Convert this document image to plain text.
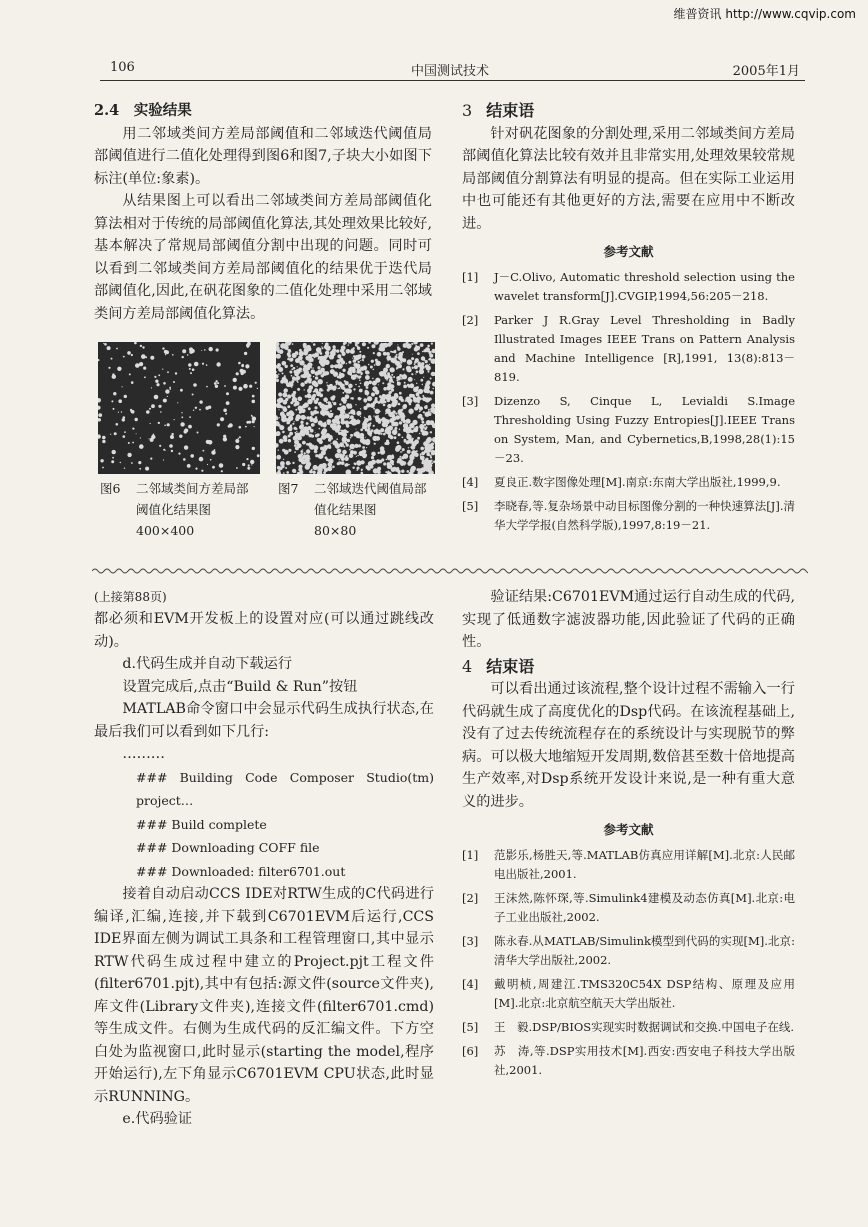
维普资讯 http://www.cqvip.com
106	中国测试技术	2005年1月

2.4　实验结果

用二邻域类间方差局部阈值和二邻域迭代阈值局部阈值进行二值化处理得到图6和图7,子块大小如图下标注(单位:象素)。

从结果图上可以看出二邻域类间方差局部阈值化算法相对于传统的局部阈值化算法,其处理效果比较好,基本解决了常规局部阈值分割中出现的问题。同时可以看到二邻域类间方差局部阈值化的结果优于迭代局部阈值化,因此,在矾花图象的二值化处理中采用二邻域类间方差局部阈值化算法。

图6	二邻域类间方差局部阈值化结果图
400×400
图7	二邻域迭代阈值局部值化结果图
80×80

3 结束语

针对矾花图象的分割处理,采用二邻域类间方差局部阈值化算法比较有效并且非常实用,处理效果较常规局部阈值分割算法有明显的提高。但在实际工业运用中也可能还有其他更好的方法,需要在应用中不断改进。

参考文献
[1]	J－C.Olivo, Automatic threshold selection using the wavelet transform[J].CVGIP,1994,56:205－218.
[2]	Parker J R.Gray Level Thresholding in Badly Illustrated Images IEEE Trans on Pattern Analysis and Machine Intelligence [R],1991, 13(8):813－819.
[3]	Dizenzo S, Cinque L, Levialdi S.Image Thresholding Using Fuzzy Entropies[J].IEEE Trans on System, Man, and Cybernetics,B,1998,28(1):15－23.
[4]	夏良正.数字图像处理[M].南京:东南大学出版社,1999,9.
[5]	李晓春,等.复杂场景中动目标图像分割的一种快速算法[J].清华大学学报(自然科学版),1997,8:19－21.

(上接第88页)

都必须和EVM开发板上的设置对应(可以通过跳线改动)。

d.代码生成并自动下载运行

设置完成后,点击“Build & Run”按钮

MATLAB命令窗口中会显示代码生成执行状态,在最后我们可以看到如下几行:

………

### Building Code Composer Studio(tm) project…

### Build complete

### Downloading COFF file

### Downloaded: filter6701.out

接着自动启动CCS IDE对RTW生成的C代码进行编译,汇编,连接,并下载到C6701EVM后运行,CCS IDE界面左侧为调试工具条和工程管理窗口,其中显示RTW代码生成过程中建立的Project.pjt工程文件(filter6701.pjt),其中有包括:源文件(source文件夹),库文件(Library文件夹),连接文件(filter6701.cmd)等生成文件。右侧为生成代码的反汇编文件。下方空白处为监视窗口,此时显示(starting the model,程序开始运行),左下角显示C6701EVM CPU状态,此时显示RUNNING。

e.代码验证

验证结果:C6701EVM通过运行自动生成的代码,实现了低通数字滤波器功能,因此验证了代码的正确性。

4 结束语

可以看出通过该流程,整个设计过程不需输入一行代码就生成了高度优化的Dsp代码。在该流程基础上,没有了过去传统流程存在的系统设计与实现脱节的弊病。可以极大地缩短开发周期,数倍甚至数十倍地提高生产效率,对Dsp系统开发设计来说,是一种有重大意义的进步。

参考文献
[1]	范影乐,杨胜天,等.MATLAB仿真应用详解[M].北京:人民邮电出版社,2001.
[2]	王沫然,陈怀琛,等.Simulink4建模及动态仿真[M].北京:电子工业出版社,2002.
[3]	陈永春.从MATLAB/Simulink模型到代码的实现[M].北京:清华大学出版社,2002.
[4]	戴明桢,周建江.TMS320C54X DSP结构、原理及应用[M].北京:北京航空航天大学出版社.
[5]	王　毅.DSP/BIOS实现实时数据调试和交换.中国电子在线.
[6]	苏　涛,等.DSP实用技术[M].西安:西安电子科技大学出版社,2001.
